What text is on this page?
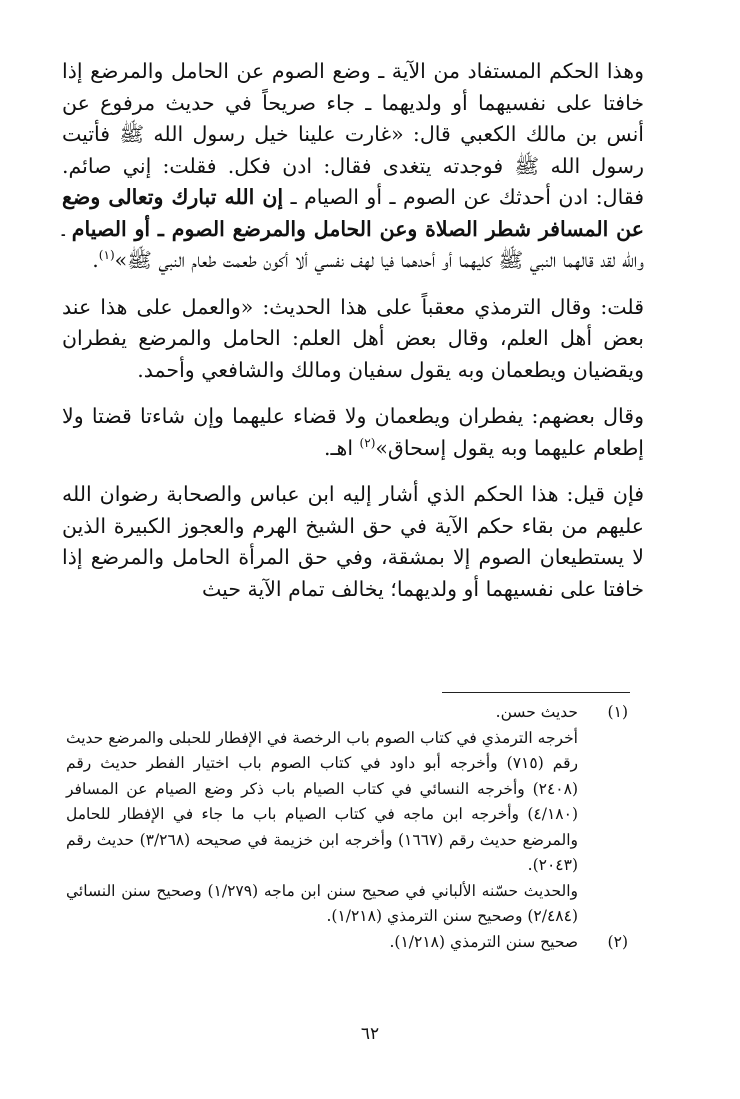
وهذا الحكم المستفاد من الآية ـ وضع الصوم عن الحامل والمرضع إذا خافتا على نفسيهما أو ولديهما ـ جاء صريحاً في حديث مرفوع عن أنس بن مالك الكعبي قال: «غارت علينا خيل رسول الله ﷺ فأتيت رسول الله ﷺ فوجدته يتغدى فقال: ادن فكل. فقلت: إني صائم. فقال: ادن أحدثك عن الصوم ـ أو الصيام ـ إن الله تبارك وتعالى وضع عن المسافر شطر الصلاة وعن الحامل والمرضع الصوم ـ أو الصيام ـ والله لقد قالهما النبي ﷺ كليهما أو أحدهما فيا لهف نفسي ألا أكون طعمت طعام النبي ﷺ»$^{(١)}$.

قلت: وقال الترمذي معقباً على هذا الحديث: «والعمل على هذا عند بعض أهل العلم، وقال بعض أهل العلم: الحامل والمرضع يفطران ويقضيان ويطعمان وبه يقول سفيان ومالك والشافعي وأحمد.

وقال بعضهم: يفطران ويطعمان ولا قضاء عليهما وإن شاءتا قضتا ولا إطعام عليهما وبه يقول إسحاق»$^{(٢)}$ اهـ.

فإن قيل: هذا الحكم الذي أشار إليه ابن عباس والصحابة رضوان الله عليهم من بقاء حكم الآية في حق الشيخ الهرم والعجوز الكبيرة الذين لا يستطيعان الصوم إلا بمشقة، وفي حق المرأة الحامل والمرضع إذا خافتا على نفسيهما أو ولديهما؛ يخالف تمام الآية حيث

(١)
حديث حسن.
أخرجه الترمذي في كتاب الصوم باب الرخصة في الإفطار للحبلى والمرضع حديث رقم (٧١٥) وأخرجه أبو داود في كتاب الصوم باب اختيار الفطر حديث رقم (٢٤٠٨) وأخرجه النسائي في كتاب الصيام باب ذكر وضع الصيام عن المسافر (٤/١٨٠) وأخرجه ابن ماجه في كتاب الصيام باب ما جاء في الإفطار للحامل والمرضع حديث رقم (١٦٦٧) وأخرجه ابن خزيمة في صحيحه (٣/٢٦٨) حديث رقم (٢٠٤٣).
والحديث حسّنه الألباني في صحيح سنن ابن ماجه (١/٢٧٩) وصحيح سنن النسائي (٢/٤٨٤) وصحيح سنن الترمذي (١/٢١٨).
(٢)
صحيح سنن الترمذي (١/٢١٨).
٦٢
